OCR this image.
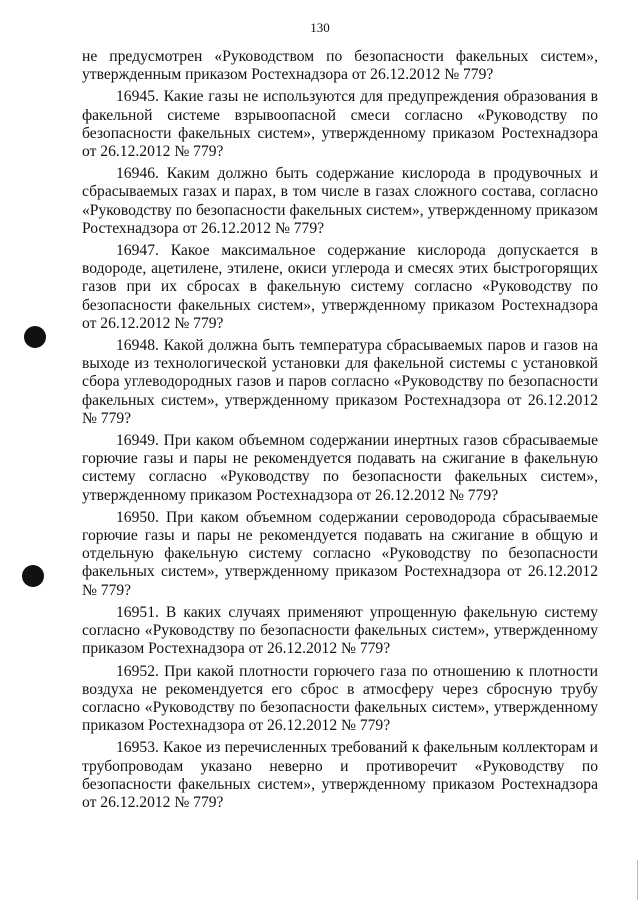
130

не предусмотрен «Руководством по безопасности факельных систем», утвержденным приказом Ростехнадзора от 26.12.2012 № 779?

16945. Какие газы не используются для предупреждения образования в факельной системе взрывоопасной смеси согласно «Руководству по безопасности факельных систем», утвержденному приказом Ростехнадзора от 26.12.2012 № 779?

16946. Каким должно быть содержание кислорода в продувочных и сбрасываемых газах и парах, в том числе в газах сложного состава, согласно «Руководству по безопасности факельных систем», утвержденному приказом Ростехнадзора от 26.12.2012 № 779?

16947. Какое максимальное содержание кислорода допускается в водороде, ацетилене, этилене, окиси углерода и смесях этих быстрогорящих газов при их сбросах в факельную систему согласно «Руководству по безопасности факельных систем», утвержденному приказом Ростехнадзора от 26.12.2012 № 779?

16948. Какой должна быть температура сбрасываемых паров и газов на выходе из технологической установки для факельной системы с установкой сбора углеводородных газов и паров согласно «Руководству по безопасности факельных систем», утвержденному приказом Ростехнадзора от 26.12.2012 № 779?

16949. При каком объемном содержании инертных газов сбрасываемые горючие газы и пары не рекомендуется подавать на сжигание в факельную систему согласно «Руководству по безопасности факельных систем», утвержденному приказом Ростехнадзора от 26.12.2012 № 779?

16950. При каком объемном содержании сероводорода сбрасываемые горючие газы и пары не рекомендуется подавать на сжигание в общую и отдельную факельную систему согласно «Руководству по безопасности факельных систем», утвержденному приказом Ростехнадзора от 26.12.2012 № 779?

16951. В каких случаях применяют упрощенную факельную систему согласно «Руководству по безопасности факельных систем», утвержденному приказом Ростехнадзора от 26.12.2012 № 779?

16952. При какой плотности горючего газа по отношению к плотности воздуха не рекомендуется его сброс в атмосферу через сбросную трубу согласно «Руководству по безопасности факельных систем», утвержденному приказом Ростехнадзора от 26.12.2012 № 779?

16953. Какое из перечисленных требований к факельным коллекторам и трубопроводам указано неверно и противоречит «Руководству по безопасности факельных систем», утвержденному приказом Ростехнадзора от 26.12.2012 № 779?
